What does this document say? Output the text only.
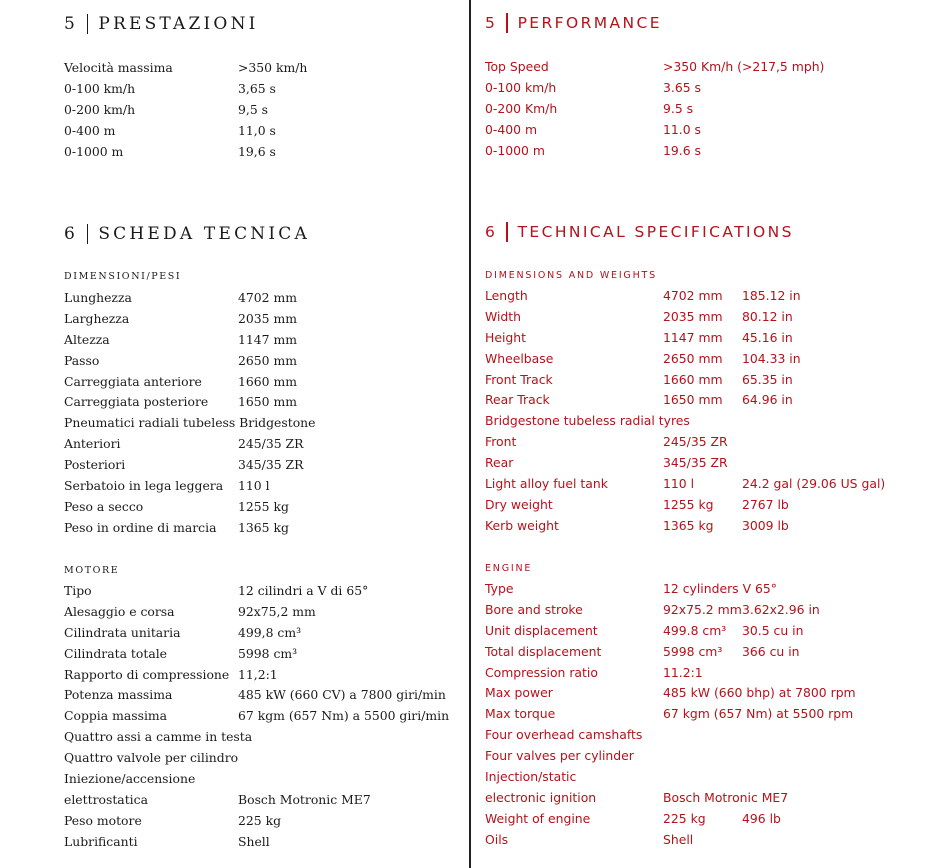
5 PRESTAZIONI
Velocità massima	>350 km/h
0-100 km/h	3,65 s
0-200 km/h	9,5 s
0-400 m	11,0 s
0-1000 m	19,6 s
6 SCHEDA TECNICA
DIMENSIONI/PESI
Lunghezza	4702 mm
Larghezza	2035 mm
Altezza	1147 mm
Passo	2650 mm
Carreggiata anteriore	1660 mm
Carreggiata posteriore 1650 mm
Pneumatici radiali tubeless Bridgestone
Anteriori	245/35 ZR
Posteriori	345/35 ZR
Serbatoio in lega leggera 110 l
Peso a secco	1255 kg
Peso in ordine di marcia 1365 kg
MOTORE
Tipo	12 cilindri a V di 65°
Alesaggio e corsa	92x75,2 mm
Cilindrata unitaria	499,8 cm³
Cilindrata totale	5998 cm³
Rapporto di compressione 11,2:1
Potenza massima	485 kW (660 CV) a 7800 giri/min
Coppia massima	67 kgm (657 Nm) a 5500 giri/min
Quattro assi a camme in testa
Quattro valvole per cilindro
Iniezione/accensione
elettrostatica	Bosch Motronic ME7
Peso motore	225 kg
Lubrificanti	Shell
5 PERFORMANCE
Top Speed	>350 Km/h (>217,5 mph)
0-100 km/h	3.65 s
0-200 Km/h	9.5 s
0-400 m	11.0 s
0-1000 m	19.6 s
6 TECHNICAL SPECIFICATIONS
DIMENSIONS AND WEIGHTS
Length	4702 mm 185.12 in
Width	2035 mm 80.12 in
Height	1147 mm 45.16 in
Wheelbase	2650 mm 104.33 in
Front Track	1660 mm 65.35 in
Rear Track	1650 mm 64.96 in
Bridgestone tubeless radial tyres
Front	245/35 ZR
Rear	345/35 ZR
Light alloy fuel tank	110 l	24.2 gal (29.06 US gal)
Dry weight	1255 kg 2767 lb
Kerb weight	1365 kg 3009 lb
ENGINE
Type	12 cylinders V 65°
Bore and stroke	92x75.2 mm 3.62x2.96 in
Unit displacement	499.8 cm³ 30.5 cu in
Total displacement	5998 cm³ 366 cu in
Compression ratio	11.2:1
Max power	485 kW (660 bhp) at 7800 rpm
Max torque	67 kgm (657 Nm) at 5500 rpm
Four overhead camshafts
Four valves per cylinder
Injection/static
electronic ignition	Bosch Motronic ME7
Weight of engine	225 kg	496 lb
Oils	Shell
